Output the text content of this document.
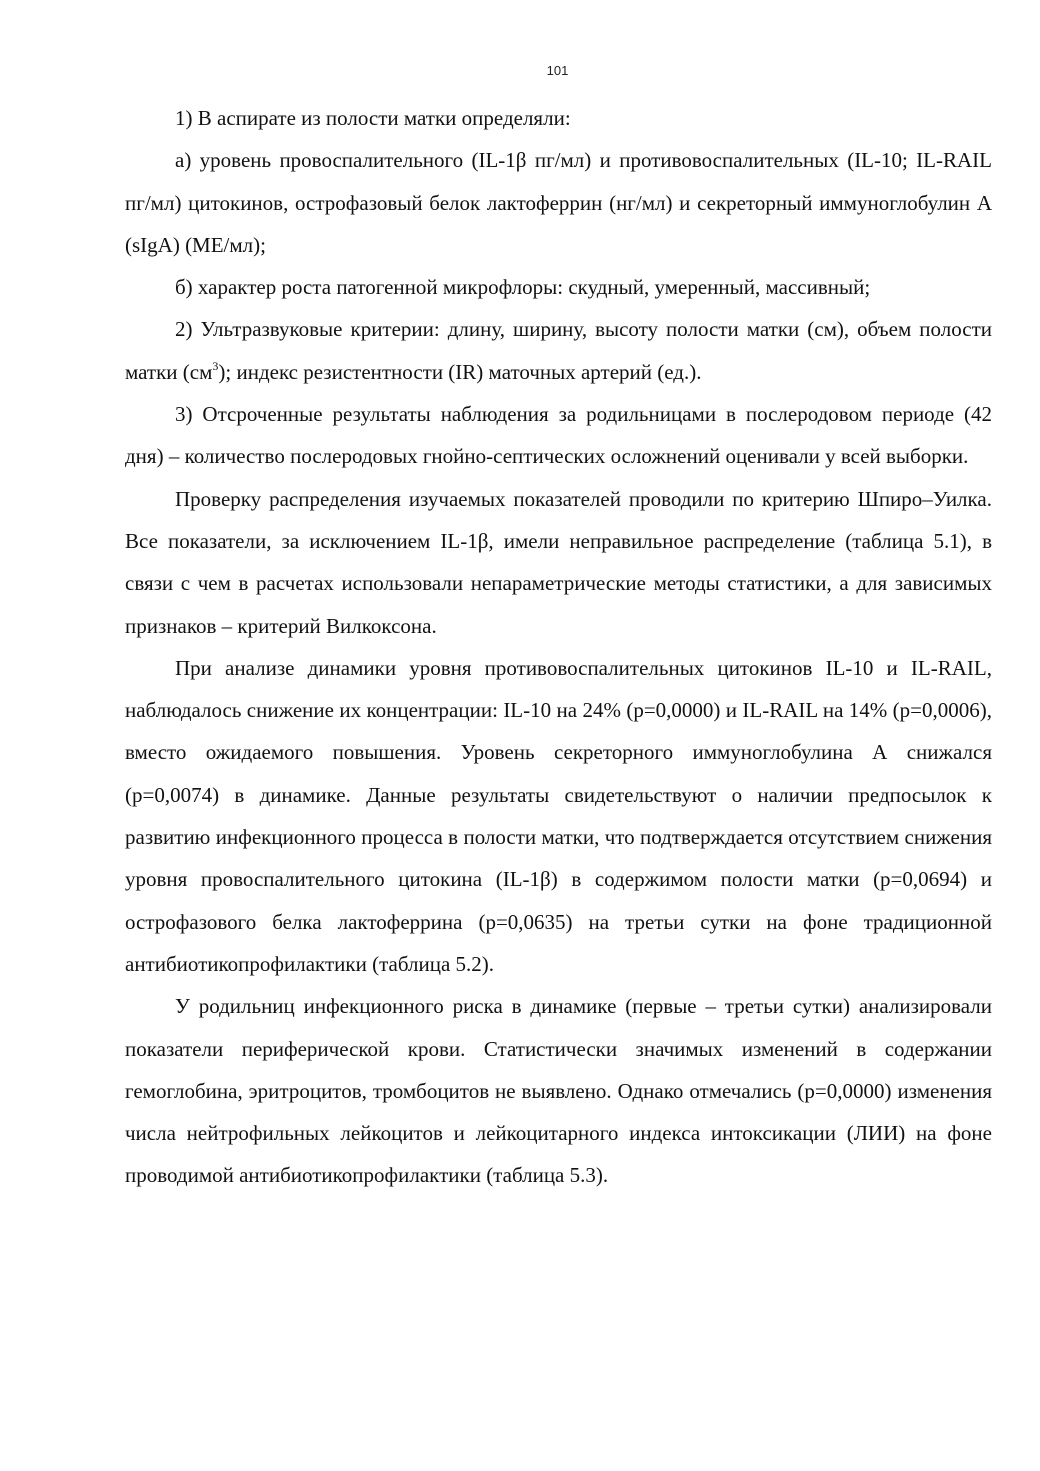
101

1) В аспирате из полости матки определяли:

а) уровень провоспалительного (IL-1β пг/мл) и противовоспалительных (IL-10; IL-RAIL пг/мл) цитокинов, острофазовый белок лактоферрин (нг/мл) и секреторный иммуноглобулин А (sIgA) (МЕ/мл);

б) характер роста патогенной микрофлоры: скудный, умеренный, массивный;

2) Ультразвуковые критерии: длину, ширину, высоту полости матки (см), объем полости матки $(см^3)$; индекс резистентности (IR) маточных артерий (ед.).

3) Отсроченные результаты наблюдения за родильницами в послеродовом периоде (42 дня) – количество послеродовых гнойно-септических осложнений оценивали у всей выборки.

Проверку распределения изучаемых показателей проводили по критерию Шпиро–Уилка. Все показатели, за исключением IL-1β, имели неправильное распределение (таблица 5.1), в связи с чем в расчетах использовали непараметрические методы статистики, а для зависимых признаков – критерий Вилкоксона.

При анализе динамики уровня противовоспалительных цитокинов IL-10 и IL-RAIL, наблюдалось снижение их концентрации: IL-10 на 24% (р=0,0000) и IL-RAIL на 14% (р=0,0006), вместо ожидаемого повышения. Уровень секреторного иммуноглобулина А снижался (р=0,0074) в динамике. Данные результаты свидетельствуют о наличии предпосылок к развитию инфекционного процесса в полости матки, что подтверждается отсутствием снижения уровня провоспалительного цитокина (IL-1β) в содержимом полости матки (р=0,0694) и острофазового белка лактоферрина (р=0,0635) на третьи сутки на фоне традиционной антибиотикопрофилактики (таблица 5.2).

У родильниц инфекционного риска в динамике (первые – третьи сутки) анализировали показатели периферической крови. Статистически значимых изменений в содержании гемоглобина, эритроцитов, тромбоцитов не выявлено. Однако отмечались (р=0,0000) изменения числа нейтрофильных лейкоцитов и лейкоцитарного индекса интоксикации (ЛИИ) на фоне проводимой антибиотикопрофилактики (таблица 5.3).
